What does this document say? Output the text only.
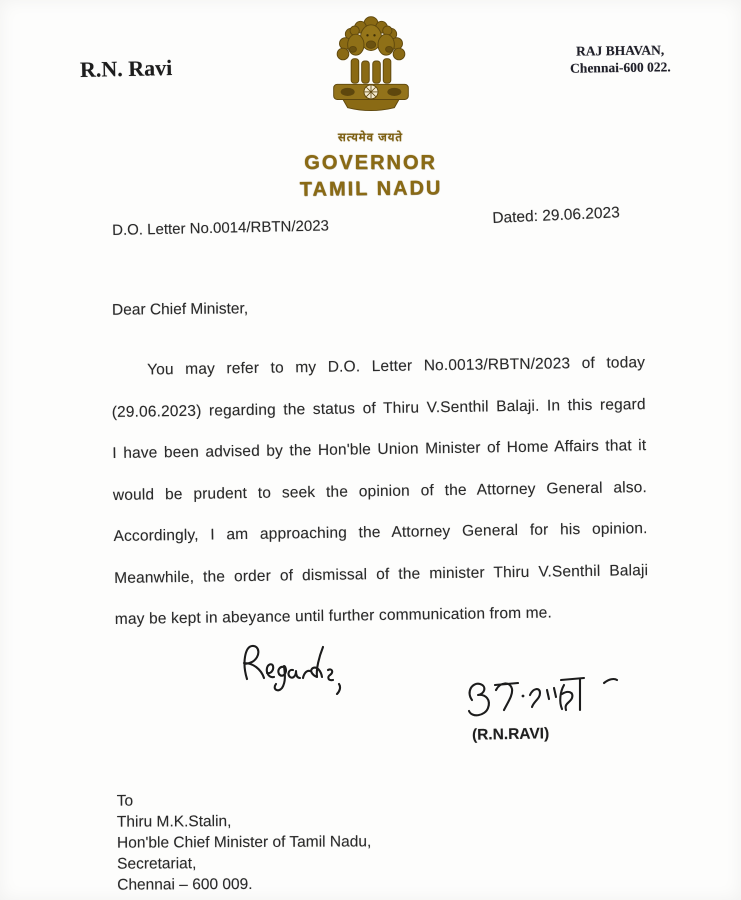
R.N. Ravi
RAJ BHAVAN,
Chennai-600 022.
सत्यमेव जयते
GOVERNOR
TAMIL NADU
D.O. Letter No.0014/RBTN/2023
Dated: 29.06.2023
Dear Chief Minister,
You may refer to my D.O. Letter No.0013/RBTN/2023 of today
(29.06.2023) regarding the status of Thiru V.Senthil Balaji. In this regard
I have been advised by the Hon'ble Union Minister of Home Affairs that it
would be prudent to seek the opinion of the Attorney General also.
Accordingly, I am approaching the Attorney General for his opinion.
Meanwhile, the order of dismissal of the minister Thiru V.Senthil Balaji
may be kept in abeyance until further communication from me.
(R.N.RAVI)
To
Thiru M.K.Stalin,
Hon'ble Chief Minister of Tamil Nadu,
Secretariat,
Chennai – 600 009.
